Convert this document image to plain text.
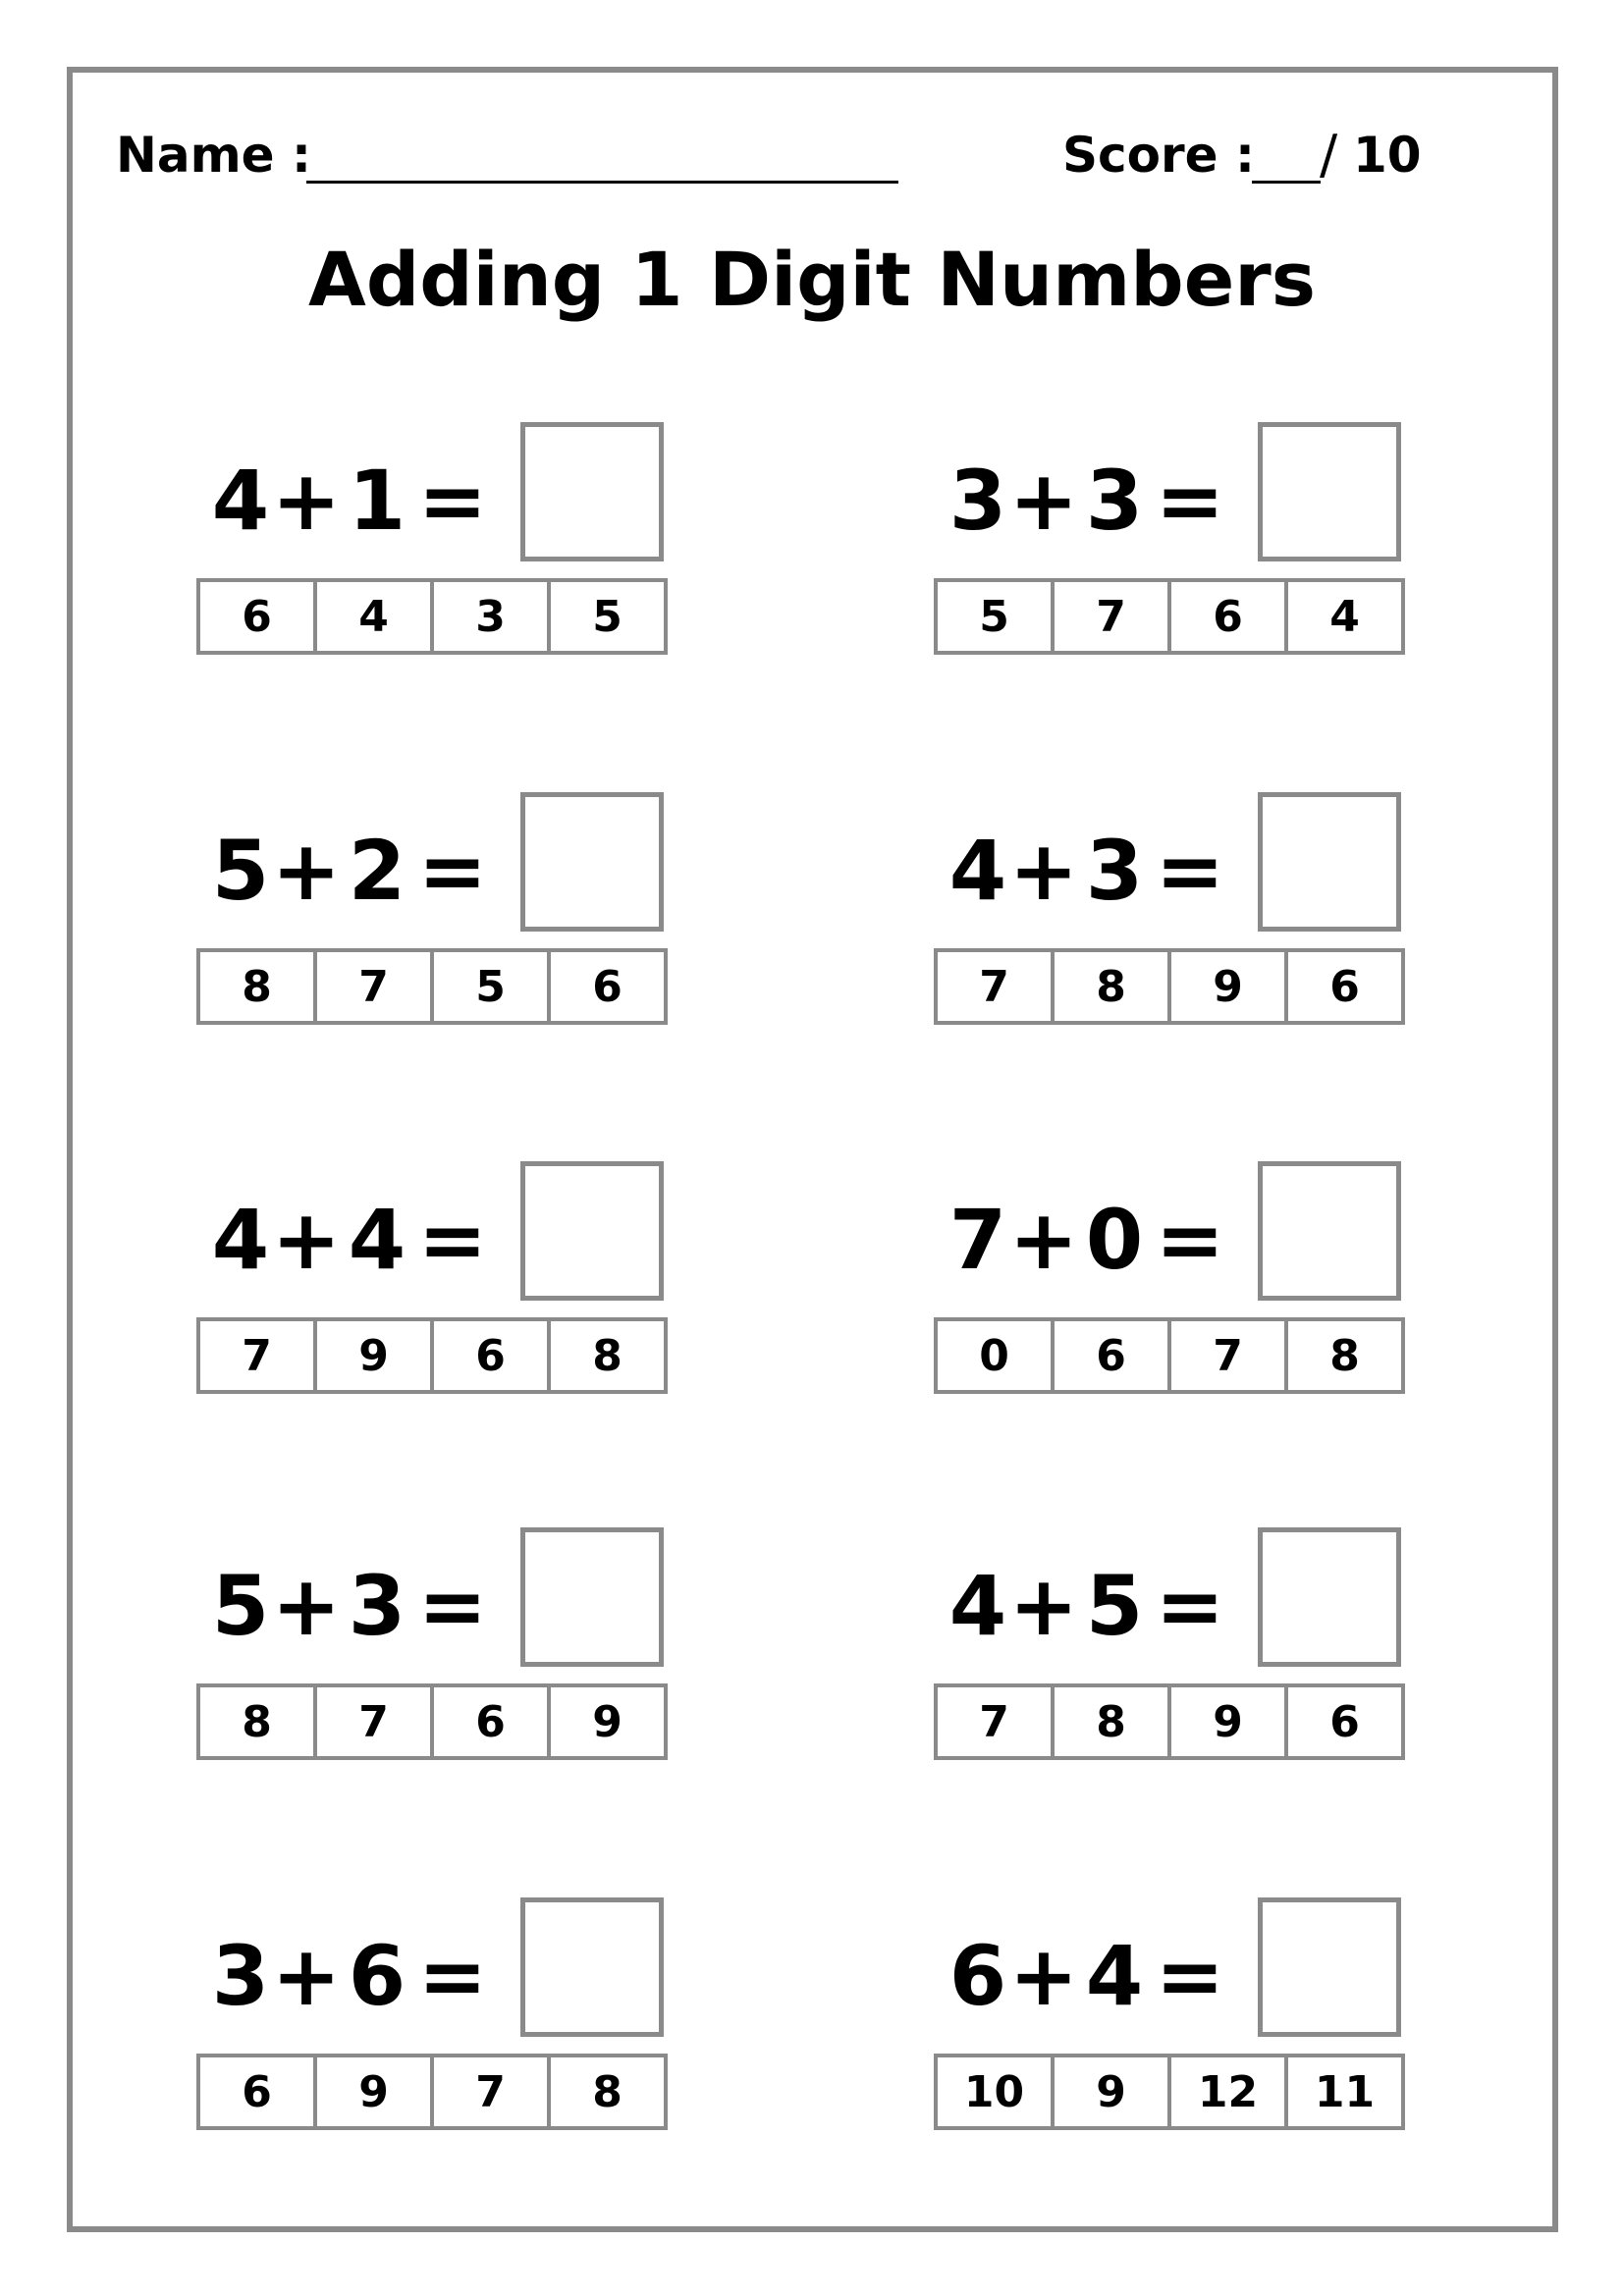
Name :	Score : / 10
Adding 1 Digit Numbers
4+1 =
6	4	3	5
3+3 =
5	7	6	4
5+2 =
8	7	5	6
4+3 =
7	8	9	6
4+4 =
7	9	6	8
7+0 =
0	6	7	8
5+3 =
8	7	6	9
4+5 =
7	8	9	6
3+6 =
6	9	7	8
6+4 =
10	9	12	11
